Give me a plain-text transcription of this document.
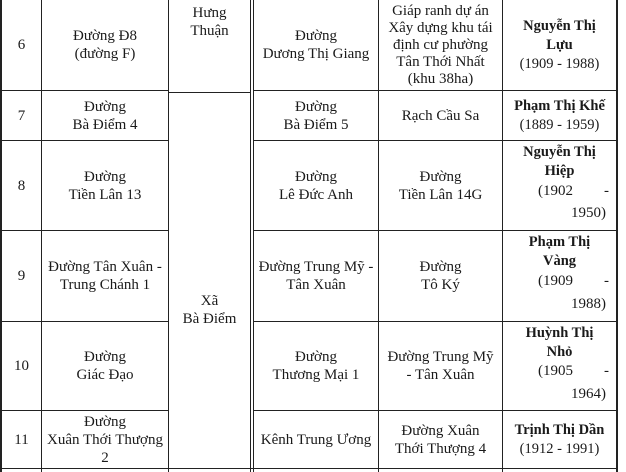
Hưng
Thuận
Xã
Bà Điểm
6
Đường Đ8
(đường F)
Đường
Dương Thị Giang
Giáp ranh dự án
Xây dựng khu tái
định cư phường
Tân Thới Nhất
(khu 38ha)
Nguyễn Thị
Lựu
(1909 - 1988)
7
Đường
Bà Điểm 4
Đường
Bà Điểm 5
Rạch Cầu Sa
Phạm Thị Khế
(1889 - 1959)
8
Đường
Tiền Lân 13
Đường
Lê Đức Anh
Đường
Tiền Lân 14G
Nguyễn Thị
Hiệp
(1902 -
1950)
9
Đường Tân Xuân -
Trung Chánh 1
Đường Trung Mỹ -
Tân Xuân
Đường
Tô Ký
Phạm Thị
Vàng
(1909 -
1988)
10
Đường
Giác Đạo
Đường
Thương Mại 1
Đường Trung Mỹ
- Tân Xuân
Huỳnh Thị
Nhỏ
(1905 -
1964)
11
Đường
Xuân Thới Thượng 2
Kênh Trung Ương
Đường Xuân
Thới Thượng 4
Trịnh Thị Dần
(1912 - 1991)
